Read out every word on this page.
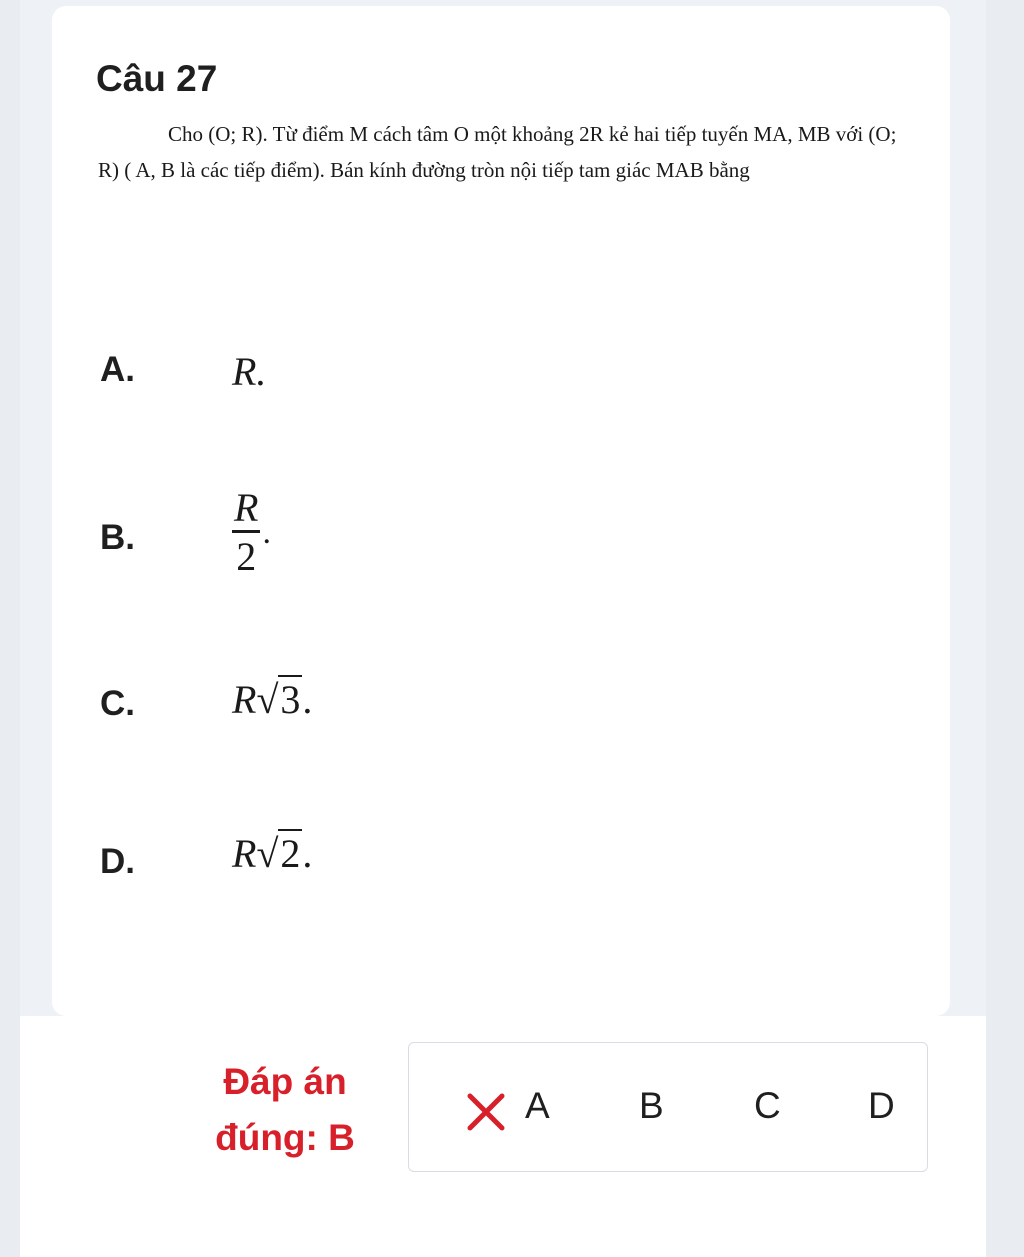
Câu 27

Cho (O; R). Từ điểm M cách tâm O một khoảng 2R kẻ hai tiếp tuyến MA, MB với (O; R) ( A, B là các tiếp điểm). Bán kính đường tròn nội tiếp tam giác MAB bằng

A. R.
B. $\frac{R}{2}$ .
C. R√3.
D. R√2.
Đáp án
đúng: B
A B C D
